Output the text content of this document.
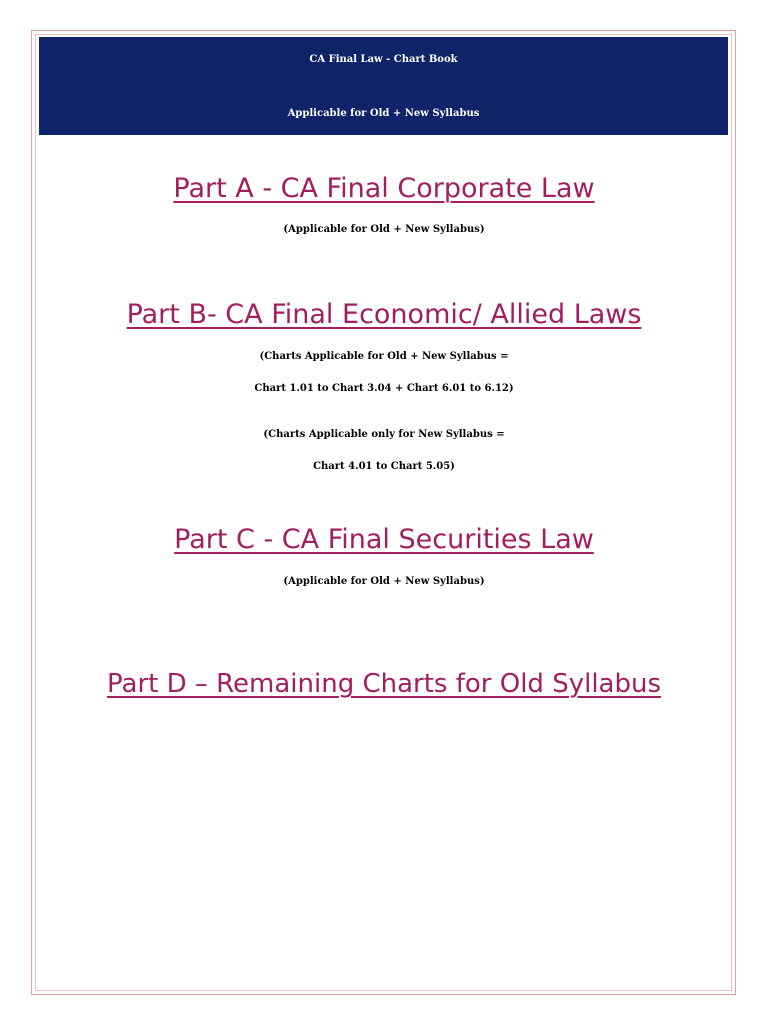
CA Final Law - Chart Book
Applicable for Old + New Syllabus
Part A - CA Final Corporate Law
(Applicable for Old + New Syllabus)
Part B- CA Final Economic/ Allied Laws
(Charts Applicable for Old + New Syllabus =
Chart 1.01 to Chart 3.04 + Chart 6.01 to 6.12)
(Charts Applicable only for New Syllabus =
Chart 4.01 to Chart 5.05)
Part C - CA Final Securities Law
(Applicable for Old + New Syllabus)
Part D – Remaining Charts for Old Syllabus
